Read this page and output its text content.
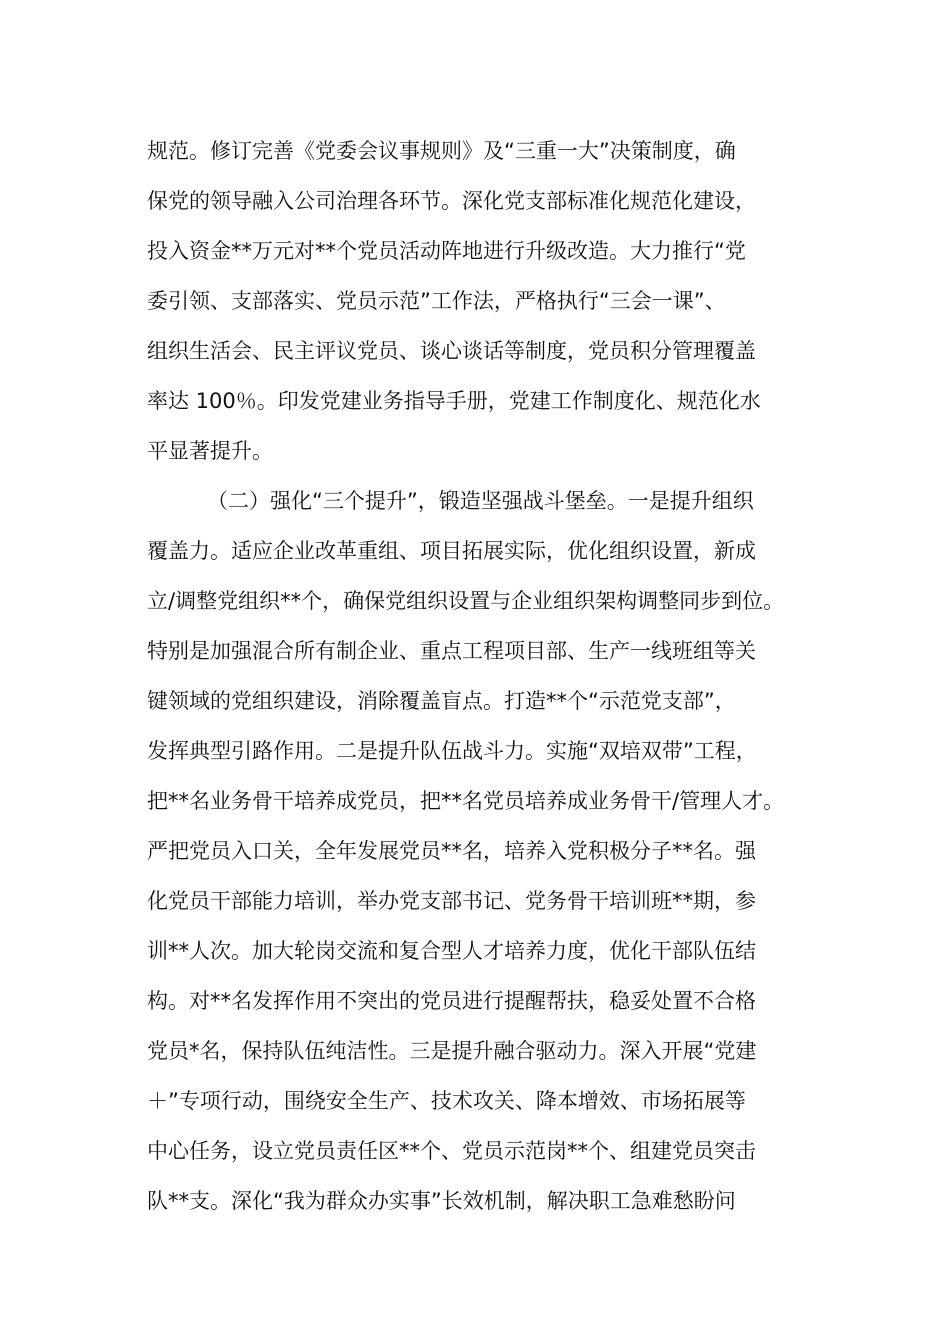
规范。修订完善《党委会议事规则》及“三重一大”决策制度，确
保党的领导融入公司治理各环节。深化党支部标准化规范化建设，
投入资金**万元对**个党员活动阵地进行升级改造。大力推行“党
委引领、支部落实、党员示范”工作法，严格执行“三会一课”、
组织生活会、民主评议党员、谈心谈话等制度，党员积分管理覆盖
率达 100％。印发党建业务指导手册，党建工作制度化、规范化水
平显著提升。
（二）强化“三个提升”，锻造坚强战斗堡垒。一是提升组织
覆盖力。适应企业改革重组、项目拓展实际，优化组织设置，新成
立/调整党组织**个，确保党组织设置与企业组织架构调整同步到位。
特别是加强混合所有制企业、重点工程项目部、生产一线班组等关
键领域的党组织建设，消除覆盖盲点。打造**个“示范党支部”，
发挥典型引路作用。二是提升队伍战斗力。实施“双培双带”工程，
把**名业务骨干培养成党员，把**名党员培养成业务骨干/管理人才。
严把党员入口关，全年发展党员**名，培养入党积极分子**名。强
化党员干部能力培训，举办党支部书记、党务骨干培训班**期，参
训**人次。加大轮岗交流和复合型人才培养力度，优化干部队伍结
构。对**名发挥作用不突出的党员进行提醒帮扶，稳妥处置不合格
党员*名，保持队伍纯洁性。三是提升融合驱动力。深入开展“党建
＋”专项行动，围绕安全生产、技术攻关、降本增效、市场拓展等
中心任务，设立党员责任区**个、党员示范岗**个、组建党员突击
队**支。深化“我为群众办实事”长效机制，解决职工急难愁盼问
